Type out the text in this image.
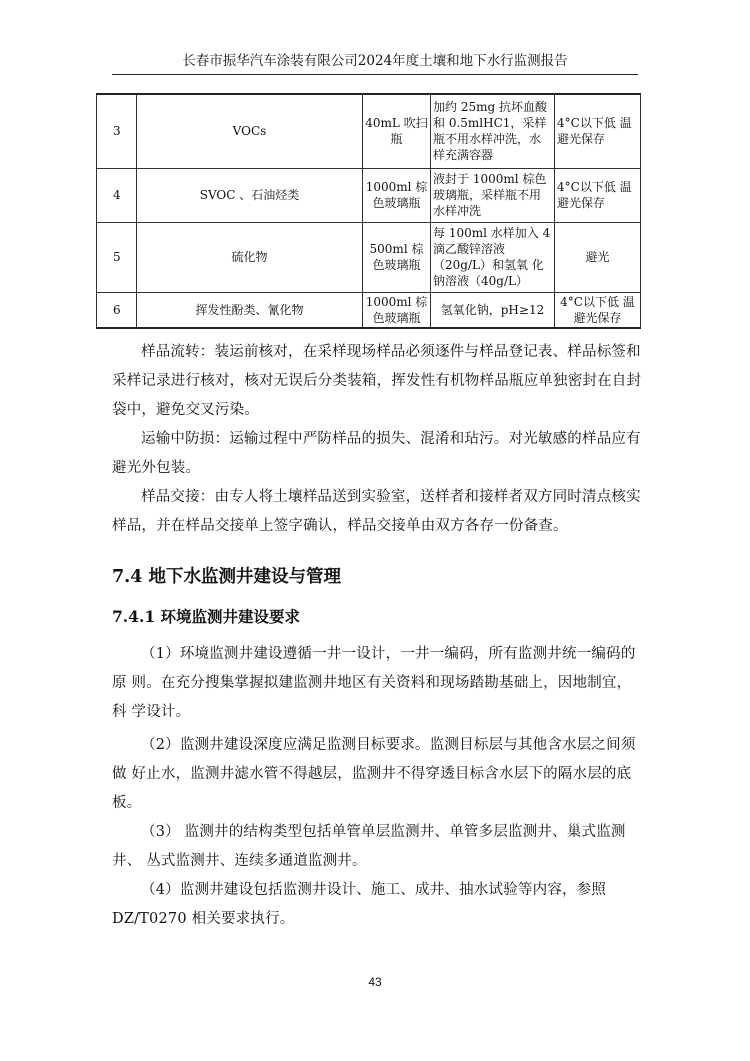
长春市振华汽车涂装有限公司2024年度土壤和地下水行监测报告
3	VOCs	40mL 吹扫瓶	加约 25mg 抗坏血酸和 0.5mlHC1，采样瓶不用水样冲洗，水样充满容器	4°C以下低 温避光保存
4	SVOC 、石油烃类	1000ml 棕色玻璃瓶	液封于 1000ml 棕色玻璃瓶，采样瓶不用水样冲洗	4°C以下低 温避光保存
5	硫化物	500ml 棕色玻璃瓶	每 100ml 水样加入 4 滴乙酸锌溶液 （20g/L）和氢氧 化钠溶液（40g/L）	避光
6	挥发性酚类、氰化物	1000ml 棕色玻璃瓶	氢氧化钠，pH≥12	4°C以下低 温避光保存

样品流转：装运前核对，在采样现场样品必须逐件与样品登记表、样品标签和采样记录进行核对，核对无误后分类装箱，挥发性有机物样品瓶应单独密封在自封袋中，避免交叉污染。

运输中防损：运输过程中严防样品的损失、混淆和玷污。对光敏感的样品应有避光外包装。

样品交接：由专人将土壤样品送到实验室，送样者和接样者双方同时清点核实样品，并在样品交接单上签字确认，样品交接单由双方各存一份备查。

7.4 地下水监测井建设与管理
7.4.1 环境监测井建设要求

（1）环境监测井建设遵循一井一设计，一井一编码，所有监测井统一编码的原 则。在充分搜集掌握拟建监测井地区有关资料和现场踏勘基础上，因地制宜，科 学设计。

（2）监测井建设深度应满足监测目标要求。监测目标层与其他含水层之间须做 好止水，监测井滤水管不得越层，监测井不得穿透目标含水层下的隔水层的底板。

（3） 监测井的结构类型包括单管单层监测井、单管多层监测井、巢式监测井、 丛式监测井、连续多通道监测井。

（4）监测井建设包括监测井设计、施工、成井、抽水试验等内容，参照 DZ/T0270 相关要求执行。

43
